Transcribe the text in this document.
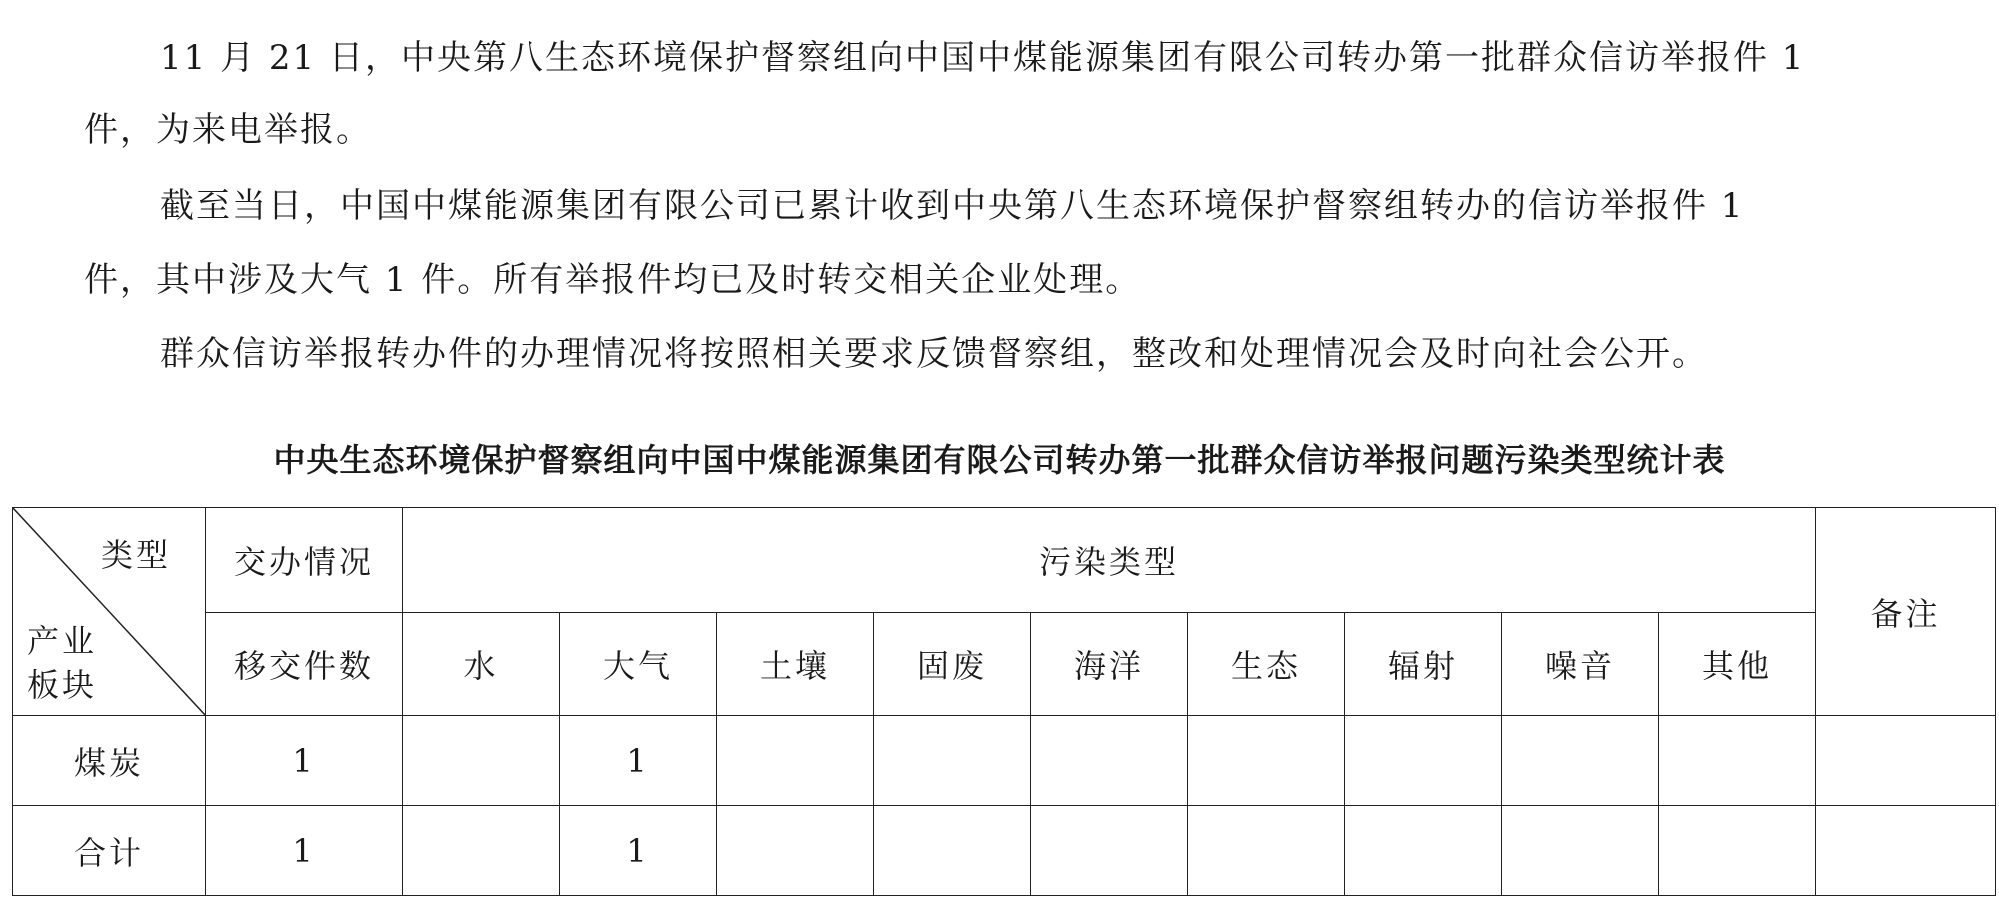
11 月 21 日，中央第八生态环境保护督察组向中国中煤能源集团有限公司转办第一批群众信访举报件 1

件，为来电举报。

截至当日，中国中煤能源集团有限公司已累计收到中央第八生态环境保护督察组转办的信访举报件 1

件，其中涉及大气 1 件。所有举报件均已及时转交相关企业处理。

群众信访举报转办件的办理情况将按照相关要求反馈督察组，整改和处理情况会及时向社会公开。

中央生态环境保护督察组向中国中煤能源集团有限公司转办第一批群众信访举报问题污染类型统计表

类型
产业板块	交办情况	污染类型									备注
	移交件数	水	大气	土壤	固废	海洋	生态	辐射	噪音	其他	
煤炭	1		1								
合计	1		1								
